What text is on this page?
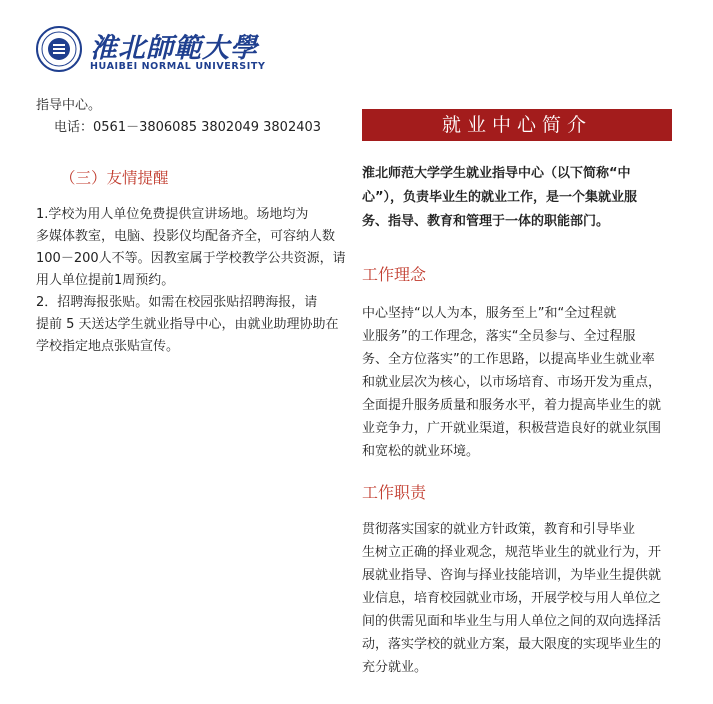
淮北師範大學
HUAIBEI NORMAL UNIVERSITY
指导中心。
电话：0561－3806085 3802049 3802403
（三）友情提醒
1.学校为用人单位免费提供宣讲场地。场地均为
多媒体教室，电脑、投影仪均配备齐全，可容纳人数
100－200人不等。因教室属于学校教学公共资源，请
用人单位提前1周预约。
2．招聘海报张贴。如需在校园张贴招聘海报，请
提前 5 天送达学生就业指导中心，由就业助理协助在
学校指定地点张贴宣传。
就业中心简介
淮北师范大学学生就业指导中心（以下简称“中
心”），负责毕业生的就业工作，是一个集就业服
务、指导、教育和管理于一体的职能部门。
工作理念
中心坚持“以人为本，服务至上”和“全过程就
业服务”的工作理念，落实“全员参与、全过程服
务、全方位落实”的工作思路，以提高毕业生就业率
和就业层次为核心，以市场培育、市场开发为重点，
全面提升服务质量和服务水平，着力提高毕业生的就
业竞争力，广开就业渠道，积极营造良好的就业氛围
和宽松的就业环境。
工作职责
贯彻落实国家的就业方针政策，教育和引导毕业
生树立正确的择业观念，规范毕业生的就业行为，开
展就业指导、咨询与择业技能培训，为毕业生提供就
业信息，培育校园就业市场，开展学校与用人单位之
间的供需见面和毕业生与用人单位之间的双向选择活
动，落实学校的就业方案，最大限度的实现毕业生的
充分就业。
